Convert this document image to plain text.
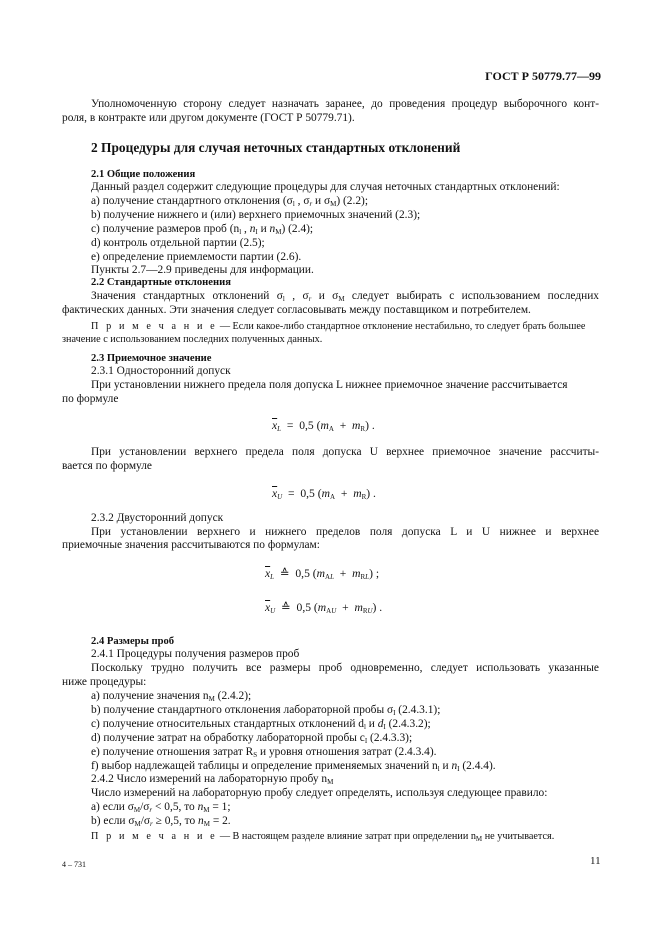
ГОСТ Р 50779.77—99
Уполномоченную сторону следует назначать заранее, до проведения процедур выборочного конт-
роля, в контракте или другом документе (ГОСТ Р 50779.71).
2 Процедуры для случая неточных стандартных отклонений
2.1 Общие положения
Данный раздел содержит следующие процедуры для случая неточных стандартных отклонений:
a) получение стандартного отклонения ($\sigma_l$ , $\sigma_r$ и $\sigma_M$) (2.2);
b) получение нижнего и (или) верхнего приемочных значений (2.3);
c) получение размеров проб ($n_l$ , $n_I$ и $n_M$) (2.4);
d) контроль отдельной партии (2.5);
e) определение приемлемости партии (2.6).
Пункты 2.7—2.9 приведены для информации.
2.2 Стандартные отклонения
Значения стандартных отклонений $\sigma_l$ , $\sigma_r$ и $\sigma_M$ следует выбирать с использованием последних
фактических данных. Эти значения следует согласовывать между поставщиком и потребителем.
П р и м е ч а н и е — Если какое-либо стандартное отклонение нестабильно, то следует брать большее
значение с использованием последних полученных данных.
2.3 Приемочное значение
2.3.1 Односторонний допуск
При установлении нижнего предела поля допуска L нижнее приемочное значение рассчитывается
по формуле
$\overline{x}_L = 0,5$ $(m_A + m_R)$ .
При установлении верхнего предела поля допуска U верхнее приемочное значение рассчиты-
вается по формуле
$\overline{x}_U = 0,5$ $(m_A + m_R)$ .
2.3.2 Двусторонний допуск
При установлении верхнего и нижнего пределов поля допуска L и U нижнее и верхнее
приемочные значения рассчитываются по формулам:
$\overline{x}_L$  ≙  0,5 $(m_{AL} + m_{RL})$ ;
$\overline{x}_U$  ≙  0,5 $(m_{AU} + m_{RU})$ .
2.4 Размеры проб
2.4.1 Процедуры получения размеров проб
Поскольку трудно получить все размеры проб одновременно, следует использовать указанные
ниже процедуры:
a) получение значения $n_M$ (2.4.2);
b) получение стандартного отклонения лабораторной пробы $\sigma_I$ (2.4.3.1);
c) получение относительных стандартных отклонений $d_l$ и $d_I$ (2.4.3.2);
d) получение затрат на обработку лабораторной пробы $c_I$ (2.4.3.3);
e) получение отношения затрат $R_S$ и уровня отношения затрат (2.4.3.4).
f) выбор надлежащей таблицы и определение применяемых значений $n_l$ и $n_I$ (2.4.4).
2.4.2 Число измерений на лабораторную пробу $n_M$
Число измерений на лабораторную пробу следует определять, используя следующее правило:
a) если $\sigma_M/\sigma_r < 0,5$, то $n_M = 1$;
b) если $\sigma_M/\sigma_r \ge 0,5$, то $n_M = 2$.
П р и м е ч а н и е — В настоящем разделе влияние затрат при определении $n_M$ не учитывается.
4 – 731	11
